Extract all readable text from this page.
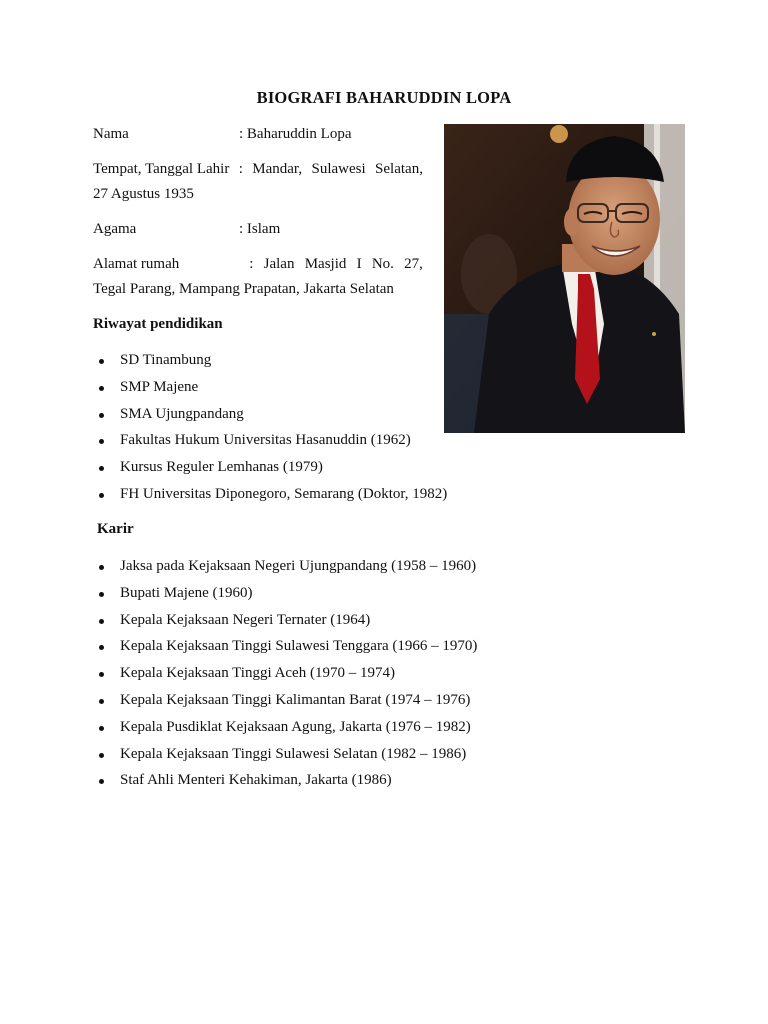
BIOGRAFI BAHARUDDIN LOPA
Nama	: Baharuddin Lopa
Tempat, Tanggal Lahir : Mandar, Sulawesi Selatan,
27 Agustus 1935
Agama	: Islam
Alamat rumah	: Jalan Masjid I No. 27,
Tegal Parang, Mampang Prapatan, Jakarta Selatan
Riwayat pendidikan
SD Tinambung
SMP Majene
SMA Ujungpandang
Fakultas Hukum Universitas Hasanuddin (1962)
Kursus Reguler Lemhanas (1979)
FH Universitas Diponegoro, Semarang (Doktor, 1982)
Karir
Jaksa pada Kejaksaan Negeri Ujungpandang (1958 – 1960)
Bupati Majene (1960)
Kepala Kejaksaan Negeri Ternater (1964)
Kepala Kejaksaan Tinggi Sulawesi Tenggara (1966 – 1970)
Kepala Kejaksaan Tinggi Aceh (1970 – 1974)
Kepala Kejaksaan Tinggi Kalimantan Barat (1974 – 1976)
Kepala Pusdiklat Kejaksaan Agung, Jakarta (1976 – 1982)
Kepala Kejaksaan Tinggi Sulawesi Selatan (1982 – 1986)
Staf Ahli Menteri Kehakiman, Jakarta (1986)
